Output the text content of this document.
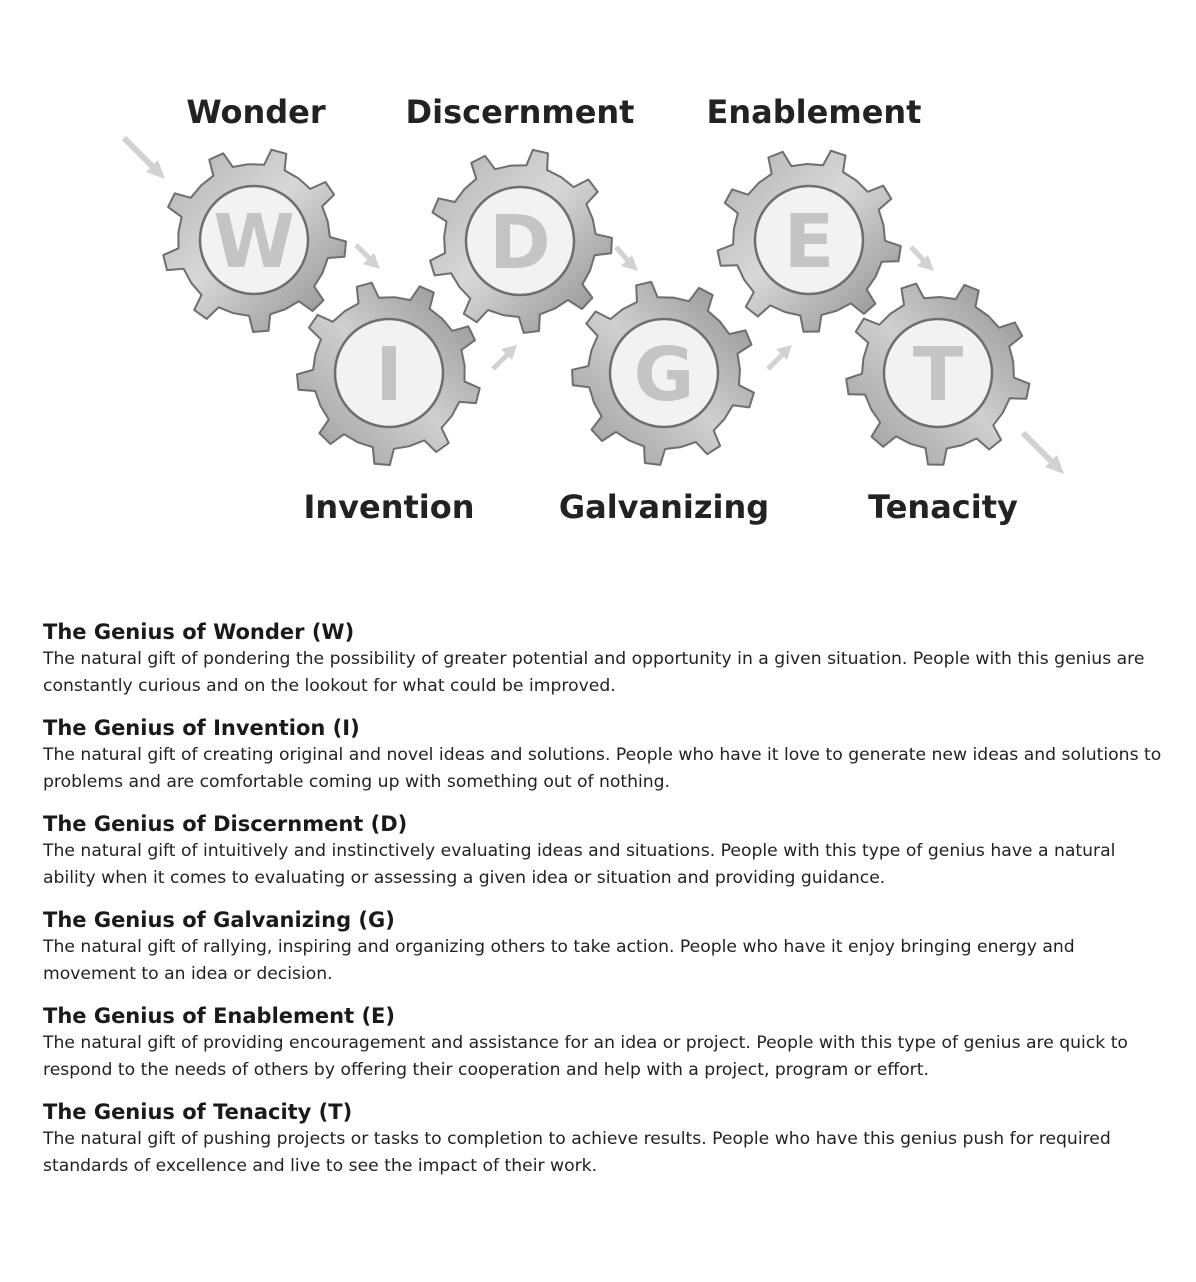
W
I
D
G
E
T
Wonder Discernment Enablement
Invention	Galvanizing	Tenacity
The Genius of Wonder (W)

The natural gift of pondering the possibility of greater potential and opportunity in a given situation. People with this genius are constantly curious and on the lookout for what could be improved.

The Genius of Invention (I)

The natural gift of creating original and novel ideas and solutions. People who have it love to generate new ideas and solutions to problems and are comfortable coming up with something out of nothing.

The Genius of Discernment (D)

The natural gift of intuitively and instinctively evaluating ideas and situations. People with this type of genius have a natural ability when it comes to evaluating or assessing a given idea or situation and providing guidance.

The Genius of Galvanizing (G)

The natural gift of rallying, inspiring and organizing others to take action. People who have it enjoy bringing energy and movement to an idea or decision.

The Genius of Enablement (E)

The natural gift of providing encouragement and assistance for an idea or project. People with this type of genius are quick to respond to the needs of others by offering their cooperation and help with a project, program or effort.

The Genius of Tenacity (T)

The natural gift of pushing projects or tasks to completion to achieve results. People who have this genius push for required standards of excellence and live to see the impact of their work.
